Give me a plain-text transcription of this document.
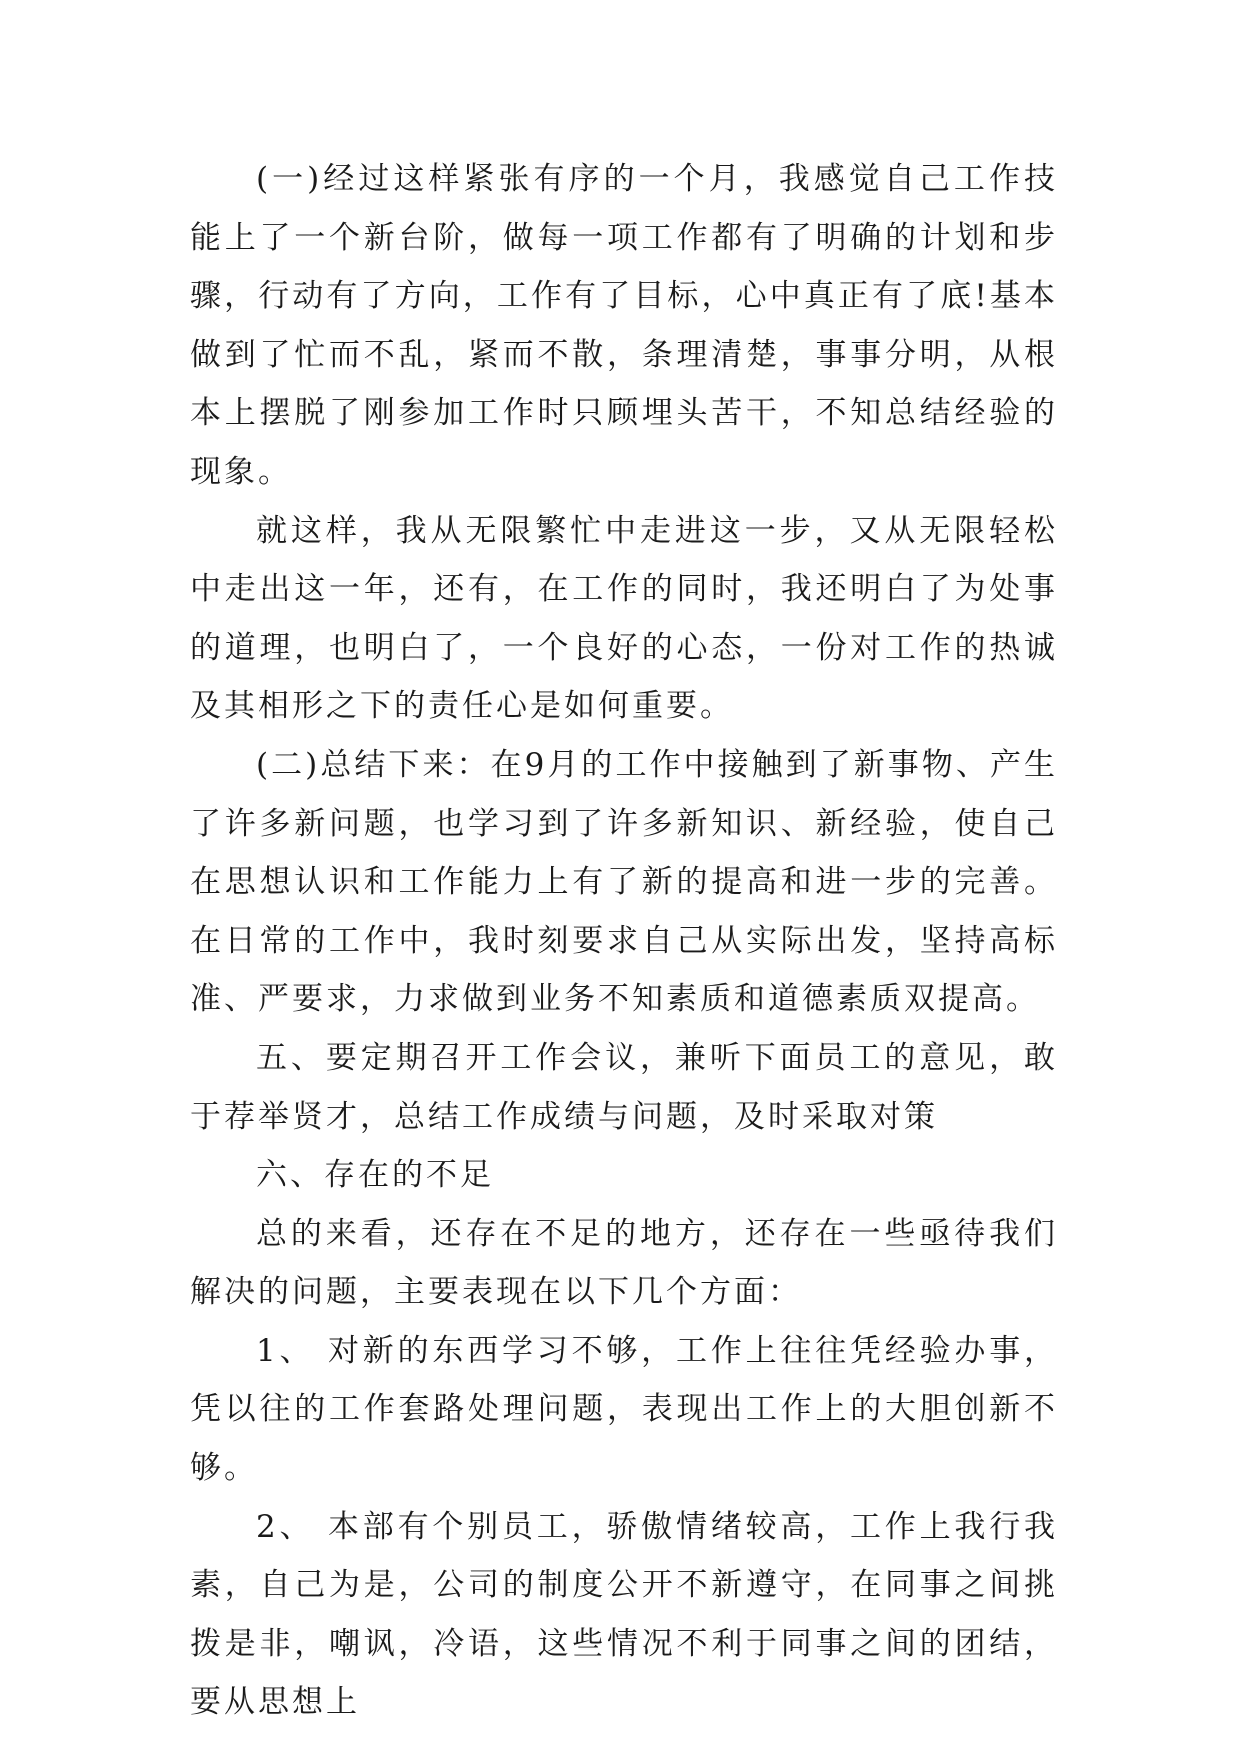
(一)经过这样紧张有序的一个月，我感觉自己工作技能上了一个新台阶，做每一项工作都有了明确的计划和步骤，行动有了方向，工作有了目标，心中真正有了底!基本做到了忙而不乱，紧而不散，条理清楚，事事分明，从根本上摆脱了刚参加工作时只顾埋头苦干，不知总结经验的现象。

就这样，我从无限繁忙中走进这一步，又从无限轻松中走出这一年，还有，在工作的同时，我还明白了为处事的道理，也明白了，一个良好的心态，一份对工作的热诚及其相形之下的责任心是如何重要。

(二)总结下来：在9月的工作中接触到了新事物、产生了许多新问题，也学习到了许多新知识、新经验，使自己在思想认识和工作能力上有了新的提高和进一步的完善。在日常的工作中，我时刻要求自己从实际出发，坚持高标准、严要求，力求做到业务不知素质和道德素质双提高。

五、要定期召开工作会议，兼听下面员工的意见，敢于荐举贤才，总结工作成绩与问题，及时采取对策

六、存在的不足

总的来看，还存在不足的地方，还存在一些亟待我们解决的问题，主要表现在以下几个方面：

1、 对新的东西学习不够，工作上往往凭经验办事，凭以往的工作套路处理问题，表现出工作上的大胆创新不够。

2、 本部有个别员工，骄傲情绪较高，工作上我行我素，自己为是，公司的制度公开不新遵守，在同事之间挑拨是非，嘲讽，冷语，这些情况不利于同事之间的团结，要从思想上
